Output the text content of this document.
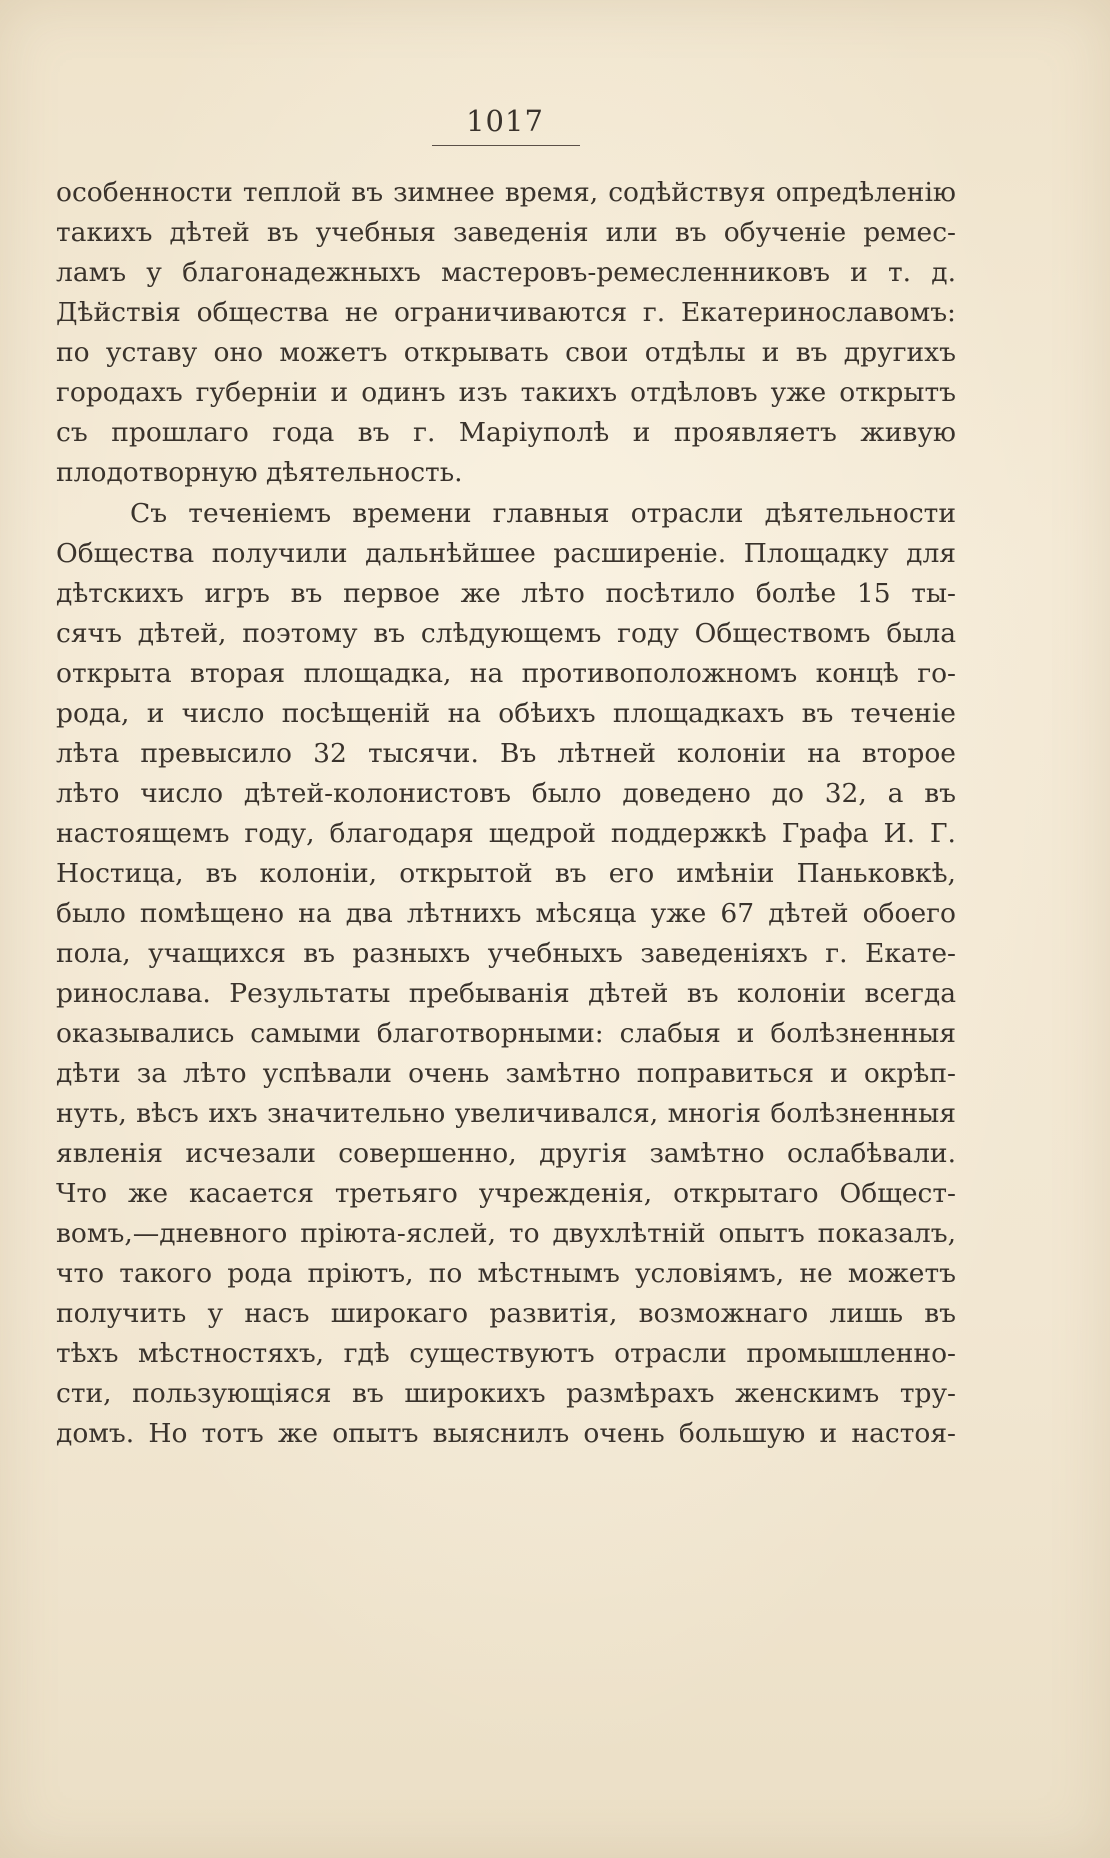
1017
особенности теплой въ зимнее время, содѣйствуя опредѣленію
такихъ дѣтей въ учебныя заведенія или въ обученіе ремес-
ламъ у благонадежныхъ мастеровъ-ремесленниковъ и т. д.
Дѣйствія общества не ограничиваются г. Екатеринославомъ:
по уставу оно можетъ открывать свои отдѣлы и въ другихъ
городахъ губерніи и одинъ изъ такихъ отдѣловъ уже открытъ
съ прошлаго года въ г. Маріуполѣ и проявляетъ живую
плодотворную дѣятельность.
Съ теченіемъ времени главныя отрасли дѣятельности
Общества получили дальнѣйшее расширеніе. Площадку для
дѣтскихъ игръ въ первое же лѣто посѣтило болѣе 15 ты-
сячъ дѣтей, поэтому въ слѣдующемъ году Обществомъ была
открыта вторая площадка, на противоположномъ концѣ го-
рода, и число посѣщеній на обѣихъ площадкахъ въ теченіе
лѣта превысило 32 тысячи. Въ лѣтней колоніи на второе
лѣто число дѣтей-колонистовъ было доведено до 32, а въ
настоящемъ году, благодаря щедрой поддержкѣ Графа И. Г.
Ностица, въ колоніи, открытой въ его имѣніи Паньковкѣ,
было помѣщено на два лѣтнихъ мѣсяца уже 67 дѣтей обоего
пола, учащихся въ разныхъ учебныхъ заведеніяхъ г. Екате-
ринослава. Результаты пребыванія дѣтей въ колоніи всегда
оказывались самыми благотворными: слабыя и болѣзненныя
дѣти за лѣто успѣвали очень замѣтно поправиться и окрѣп-
нуть, вѣсъ ихъ значительно увеличивался, многія болѣзненныя
явленія исчезали совершенно, другія замѣтно ослабѣвали.
Что же касается третьяго учрежденія, открытаго Общест-
вомъ,—дневного пріюта-яслей, то двухлѣтній опытъ показалъ,
что такого рода пріютъ, по мѣстнымъ условіямъ, не можетъ
получить у насъ широкаго развитія, возможнаго лишь въ
тѣхъ мѣстностяхъ, гдѣ существуютъ отрасли промышленно-
сти, пользующіяся въ широкихъ размѣрахъ женскимъ тру-
домъ. Но тотъ же опытъ выяснилъ очень большую и настоя-
